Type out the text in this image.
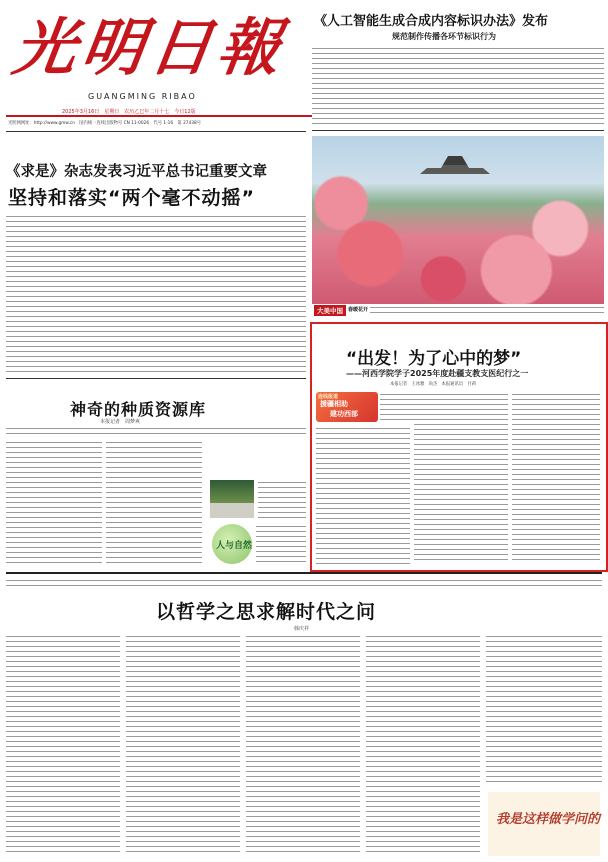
光明日報
GUANGMING RIBAO
2025年3月16日　星期日　农历乙巳年二月十七　今日12版
光明网网址：http://www.gmw.cn　国内统一连续出版物号 CN 11-0026　代号 1-16　第 27438号
《人工智能生成合成内容标识办法》发布
规范制作传播各环节标识行为
《求是》杂志发表习近平总书记重要文章
坚持和落实“两个毫不动摇”
神奇的种质资源库
本报记者　周梦爽
人与自然
大美中国	春暖花开
“出发！为了心中的梦”
——河西学院学子2025年度赴疆支教支医纪行之一
本报记者　王冰雅　尚杰　本报通讯员　甘莉
连线报道
援疆相助
建功西部
以哲学之思求解时代之问
韩庆祥
我是这样做学问的
